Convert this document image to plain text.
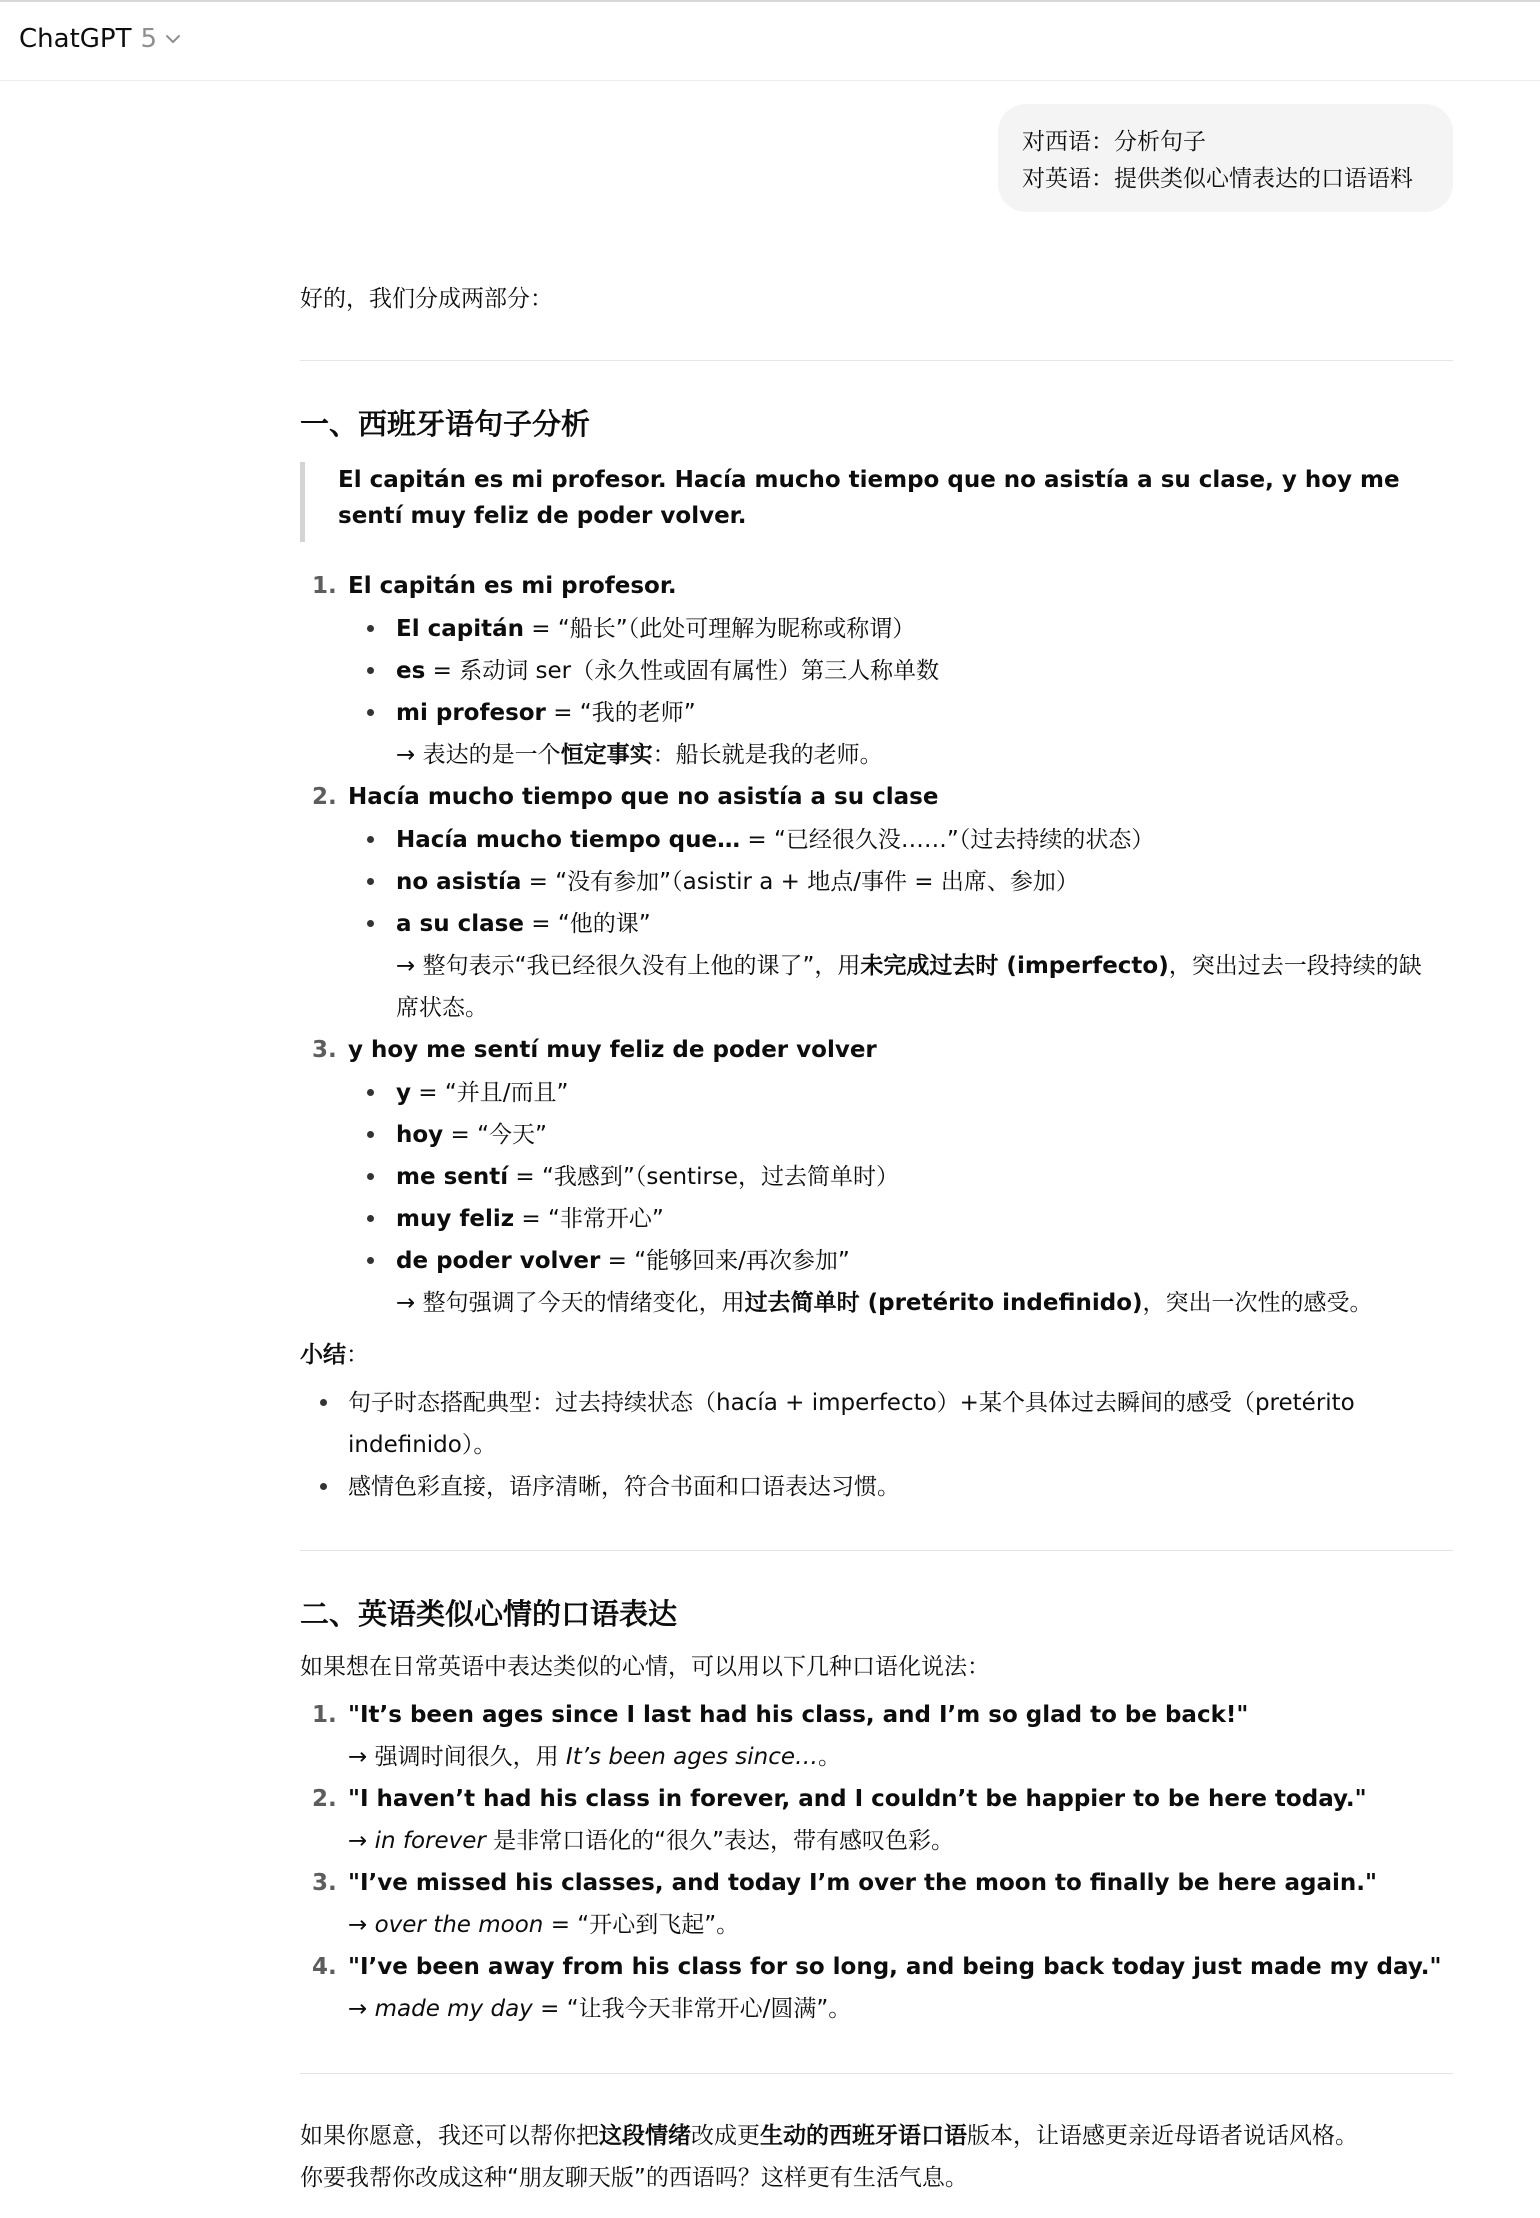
ChatGPT 5
对西语：分析句子
对英语：提供类似心情表达的口语语料
好的，我们分成两部分：
一、西班牙语句子分析
El capitán es mi profesor. Hacía mucho tiempo que no asistía a su clase, y hoy me sentí muy feliz de poder volver.
1. El capitán es mi profesor.
El capitán = “船长”（此处可理解为昵称或称谓）
es = 系动词 ser（永久性或固有属性）第三人称单数
mi profesor = “我的老师”
→ 表达的是一个恒定事实：船长就是我的老师。
2. Hacía mucho tiempo que no asistía a su clase
Hacía mucho tiempo que… = “已经很久没……”（过去持续的状态）
no asistía = “没有参加”（asistir a + 地点/事件 = 出席、参加）
a su clase = “他的课”
→ 整句表示“我已经很久没有上他的课了”，用未完成过去时 (imperfecto)，突出过去一段持续的缺
席状态。
3. y hoy me sentí muy feliz de poder volver
y = “并且/而且”
hoy = “今天”
me sentí = “我感到”（sentirse，过去简单时）
muy feliz = “非常开心”
de poder volver = “能够回来/再次参加”
→ 整句强调了今天的情绪变化，用过去简单时 (pretérito indefinido)，突出一次性的感受。
小结：
句子时态搭配典型：过去持续状态（hacía + imperfecto）+某个具体过去瞬间的感受（pretérito
indefinido）。
感情色彩直接，语序清晰，符合书面和口语表达习惯。
二、英语类似心情的口语表达
如果想在日常英语中表达类似的心情，可以用以下几种口语化说法：
1. "It’s been ages since I last had his class, and I’m so glad to be back!"
→ 强调时间很久，用 It’s been ages since…。
2. "I haven’t had his class in forever, and I couldn’t be happier to be here today."
→ in forever 是非常口语化的“很久”表达，带有感叹色彩。
3. "I’ve missed his classes, and today I’m over the moon to finally be here again."
→ over the moon = “开心到飞起”。
4. "I’ve been away from his class for so long, and being back today just made my day."
→ made my day = “让我今天非常开心/圆满”。
如果你愿意，我还可以帮你把这段情绪改成更生动的西班牙语口语版本，让语感更亲近母语者说话风格。
你要我帮你改成这种“朋友聊天版”的西语吗？这样更有生活气息。
